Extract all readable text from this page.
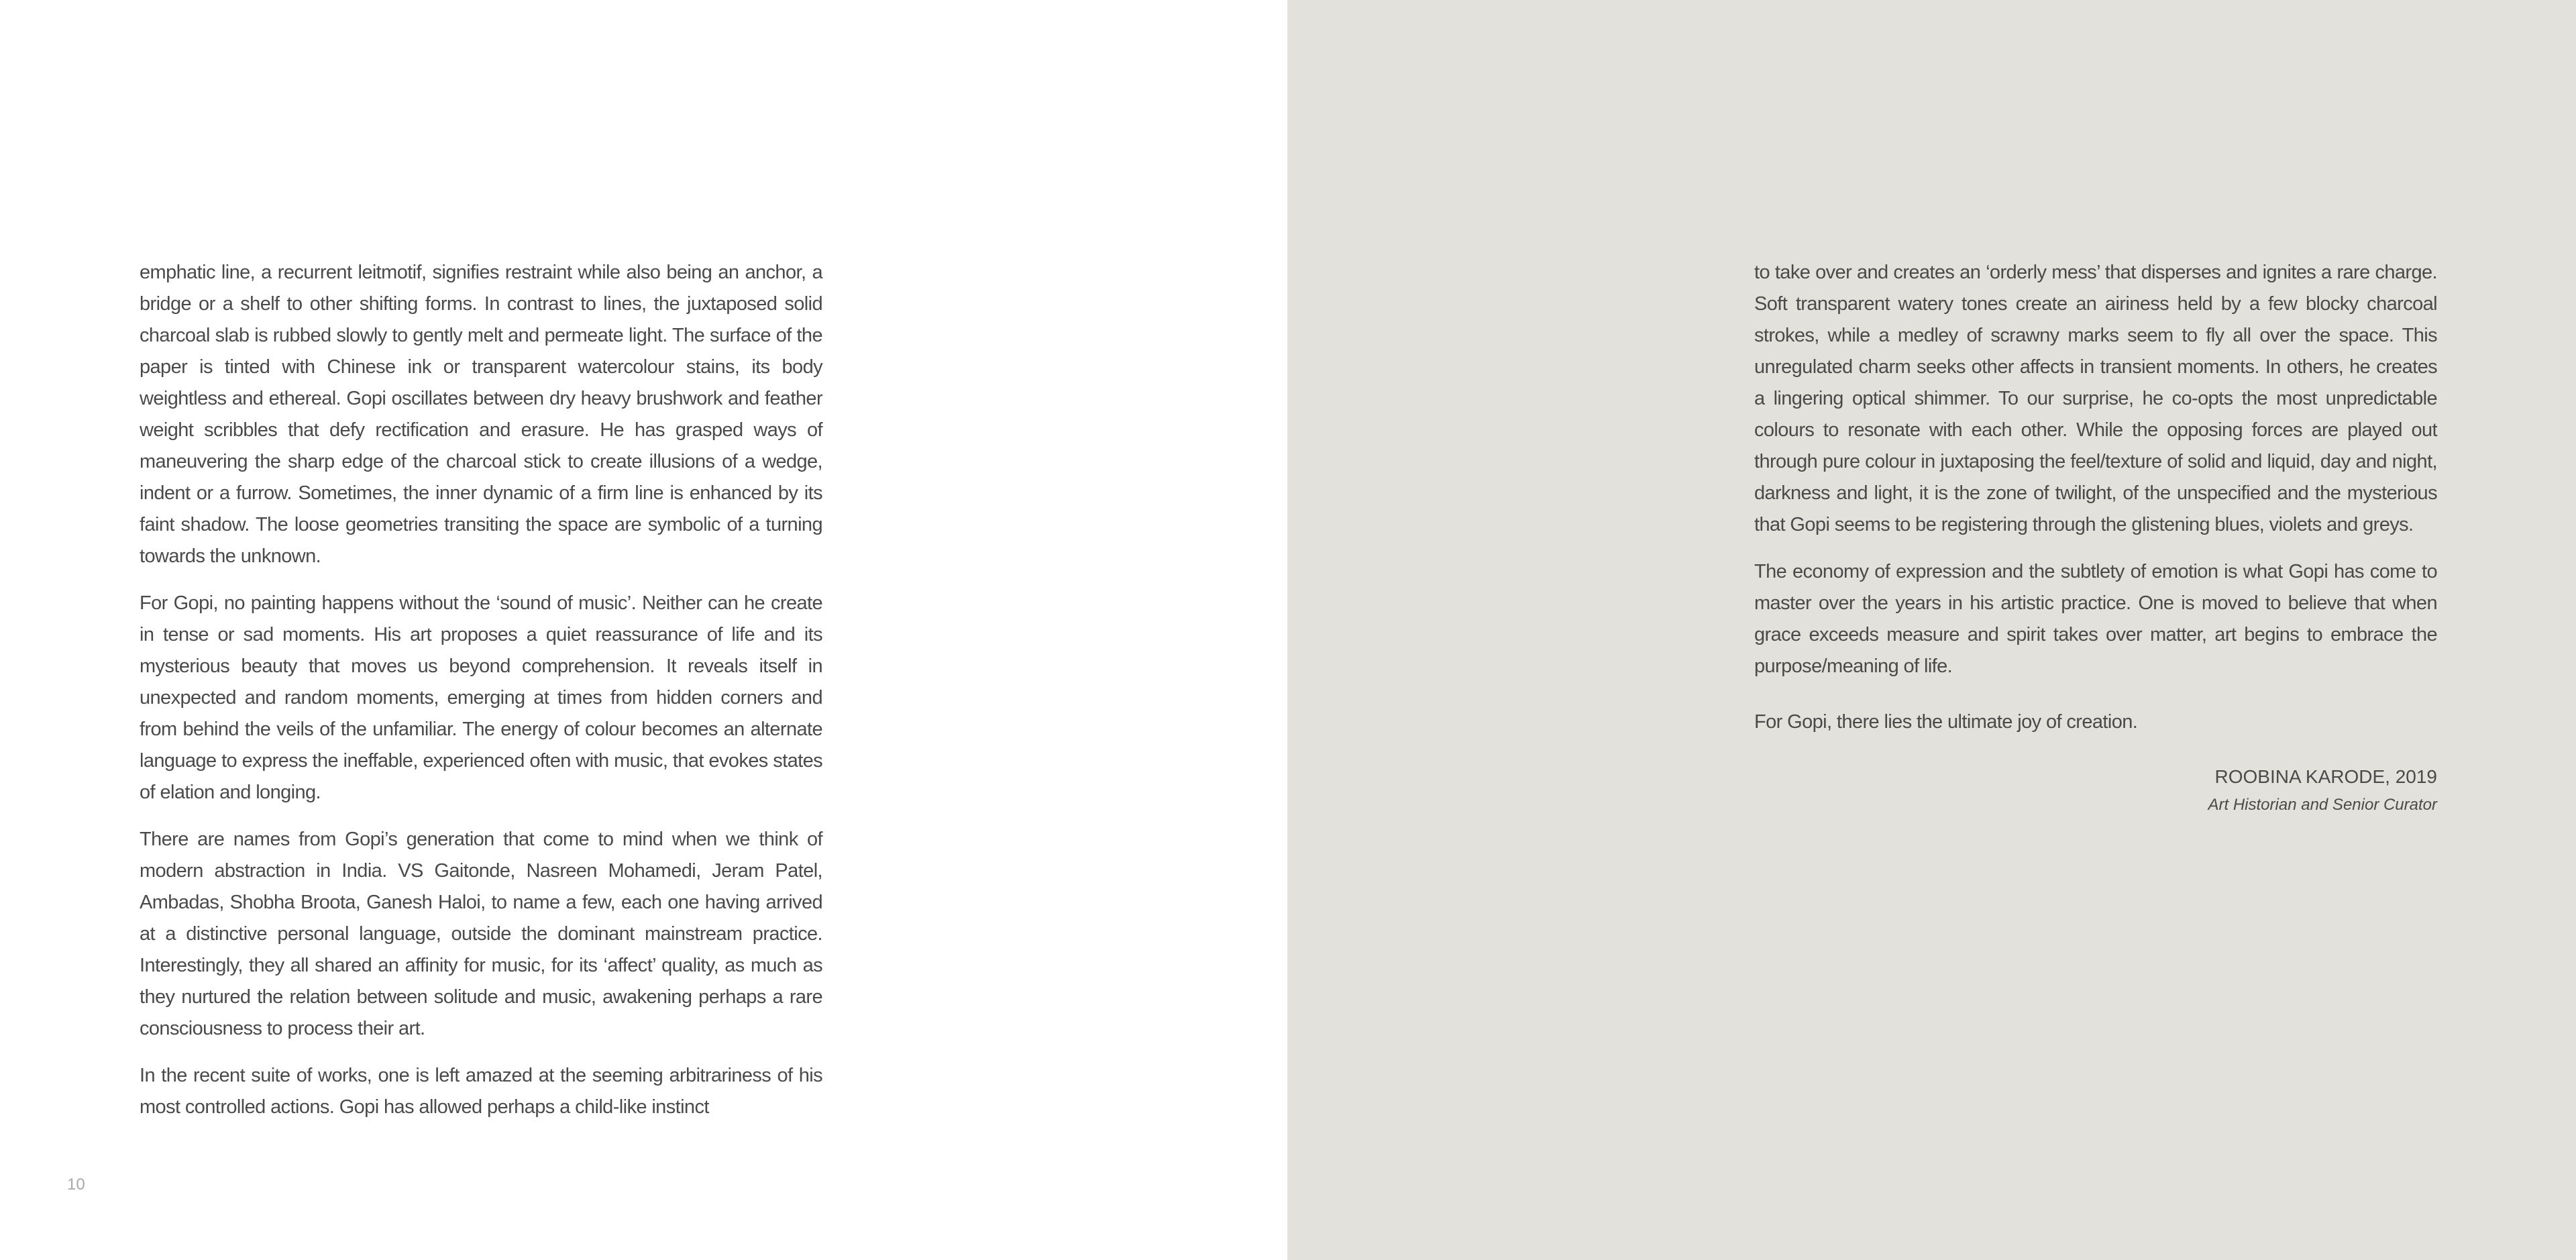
emphatic line, a recurrent leitmotif, signifies restraint while also being an anchor, a bridge or a shelf to other shifting forms. In contrast to lines, the juxtaposed solid charcoal slab is rubbed slowly to gently melt and permeate light. The surface of the paper is tinted with Chinese ink or transparent watercolour stains, its body weightless and ethereal. Gopi oscillates between dry heavy brushwork and feather weight scribbles that defy rectification and erasure. He has grasped ways of maneuvering the sharp edge of the charcoal stick to create illusions of a wedge, indent or a furrow. Sometimes, the inner dynamic of a firm line is enhanced by its faint shadow. The loose geometries transiting the space are symbolic of a turning towards the unknown.

For Gopi, no painting happens without the ‘sound of music’. Neither can he create in tense or sad moments. His art proposes a quiet reassurance of life and its mysterious beauty that moves us beyond comprehension. It reveals itself in unexpected and random moments, emerging at times from hidden corners and from behind the veils of the unfamiliar. The energy of colour becomes an alternate language to express the ineffable, experienced often with music, that evokes states of elation and longing.

There are names from Gopi’s generation that come to mind when we think of modern abstraction in India. VS Gaitonde, Nasreen Mohamedi, Jeram Patel, Ambadas, Shobha Broota, Ganesh Haloi, to name a few, each one having arrived at a distinctive personal language, outside the dominant mainstream practice. Interestingly, they all shared an affinity for music, for its ‘affect’ quality, as much as they nurtured the relation between solitude and music, awakening perhaps a rare consciousness to process their art.

In the recent suite of works, one is left amazed at the seeming arbitrariness of his most controlled actions. Gopi has allowed perhaps a child-like instinct

10

to take over and creates an ‘orderly mess’ that disperses and ignites a rare charge. Soft transparent watery tones create an airiness held by a few blocky charcoal strokes, while a medley of scrawny marks seem to fly all over the space. This unregulated charm seeks other affects in transient moments. In others, he creates a lingering optical shimmer. To our surprise, he co-opts the most unpredictable colours to resonate with each other. While the opposing forces are played out through pure colour in juxtaposing the feel/texture of solid and liquid, day and night, darkness and light, it is the zone of twilight, of the unspecified and the mysterious that Gopi seems to be registering through the glistening blues, violets and greys.

The economy of expression and the subtlety of emotion is what Gopi has come to master over the years in his artistic practice. One is moved to believe that when grace exceeds measure and spirit takes over matter, art begins to embrace the purpose/meaning of life.

For Gopi, there lies the ultimate joy of creation.

ROOBINA KARODE, 2019
Art Historian and Senior Curator
